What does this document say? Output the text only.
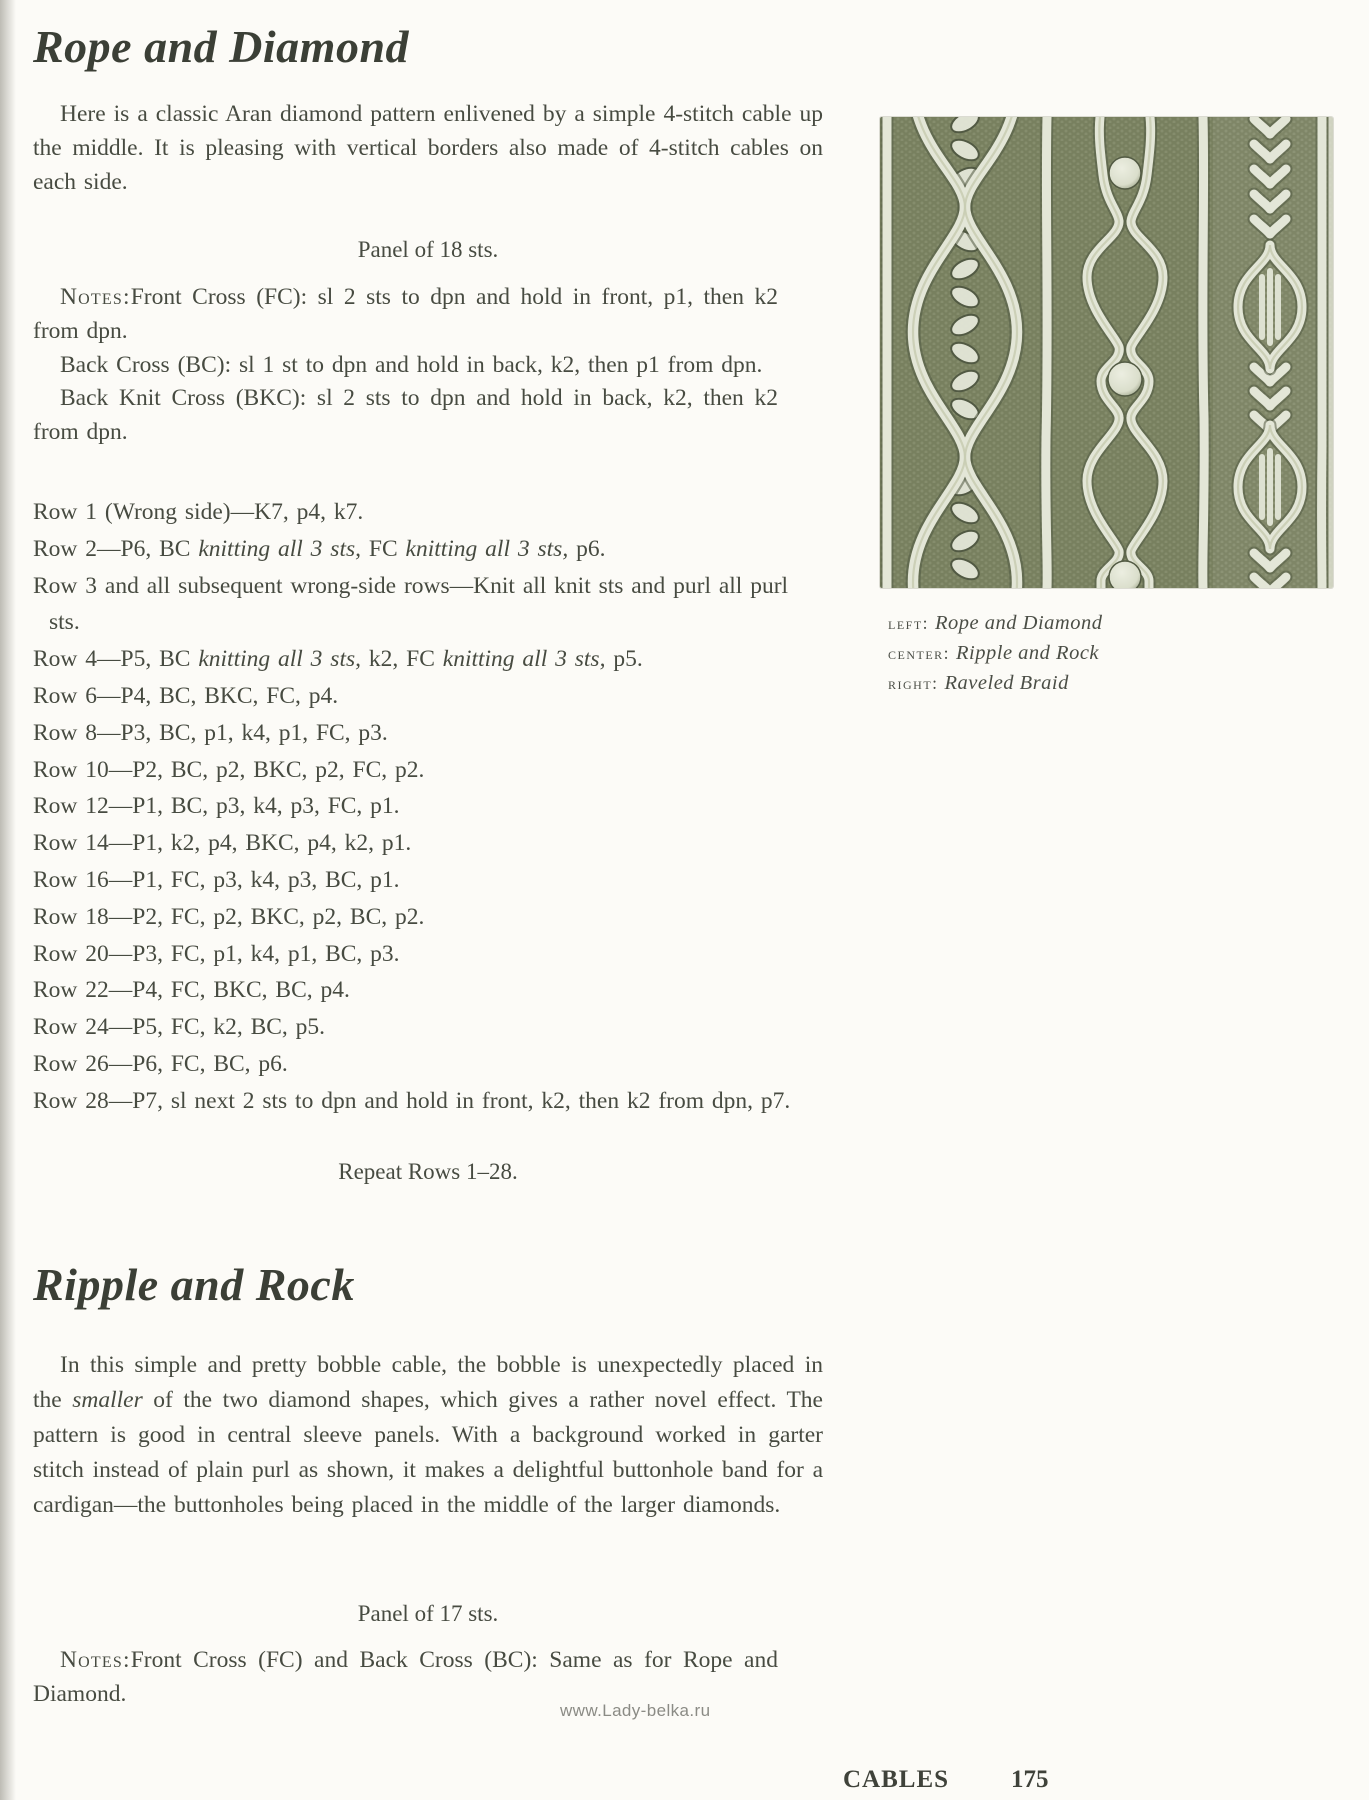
Rope and Diamond

Here is a classic Aran diamond pattern enlivened by a simple 4-stitch cable up the middle. It is pleasing with vertical borders also made of 4-stitch cables on each side.

Panel of 18 sts.

Notes:Front Cross (FC): sl 2 sts to dpn and hold in front, p1, then k2 from dpn.

Back Cross (BC): sl 1 st to dpn and hold in back, k2, then p1 from dpn.

Back Knit Cross (BKC): sl 2 sts to dpn and hold in back, k2, then k2 from dpn.

Row 1 (Wrong side)—K7, p4, k7.
Row 2—P6, BC knitting all 3 sts, FC knitting all 3 sts, p6.
Row 3 and all subsequent wrong-side rows—Knit all knit sts and purl all purl sts.
Row 4—P5, BC knitting all 3 sts, k2, FC knitting all 3 sts, p5.
Row 6—P4, BC, BKC, FC, p4.
Row 8—P3, BC, p1, k4, p1, FC, p3.
Row 10—P2, BC, p2, BKC, p2, FC, p2.
Row 12—P1, BC, p3, k4, p3, FC, p1.
Row 14—P1, k2, p4, BKC, p4, k2, p1.
Row 16—P1, FC, p3, k4, p3, BC, p1.
Row 18—P2, FC, p2, BKC, p2, BC, p2.
Row 20—P3, FC, p1, k4, p1, BC, p3.
Row 22—P4, FC, BKC, BC, p4.
Row 24—P5, FC, k2, BC, p5.
Row 26—P6, FC, BC, p6.
Row 28—P7, sl next 2 sts to dpn and hold in front, k2, then k2 from dpn, p7.
Repeat Rows 1–28.
left: Rope and Diamond
center: Ripple and Rock
right: Raveled Braid
Ripple and Rock

In this simple and pretty bobble cable, the bobble is unexpectedly placed in the smaller of the two diamond shapes, which gives a rather novel effect. The pattern is good in central sleeve panels. With a background worked in garter stitch instead of plain purl as shown, it makes a delightful buttonhole band for a cardigan—the buttonholes being placed in the middle of the larger diamonds.

Panel of 17 sts.

Notes:Front Cross (FC) and Back Cross (BC): Same as for Rope and Diamond.

www.Lady-belka.ru
CABLES 175
